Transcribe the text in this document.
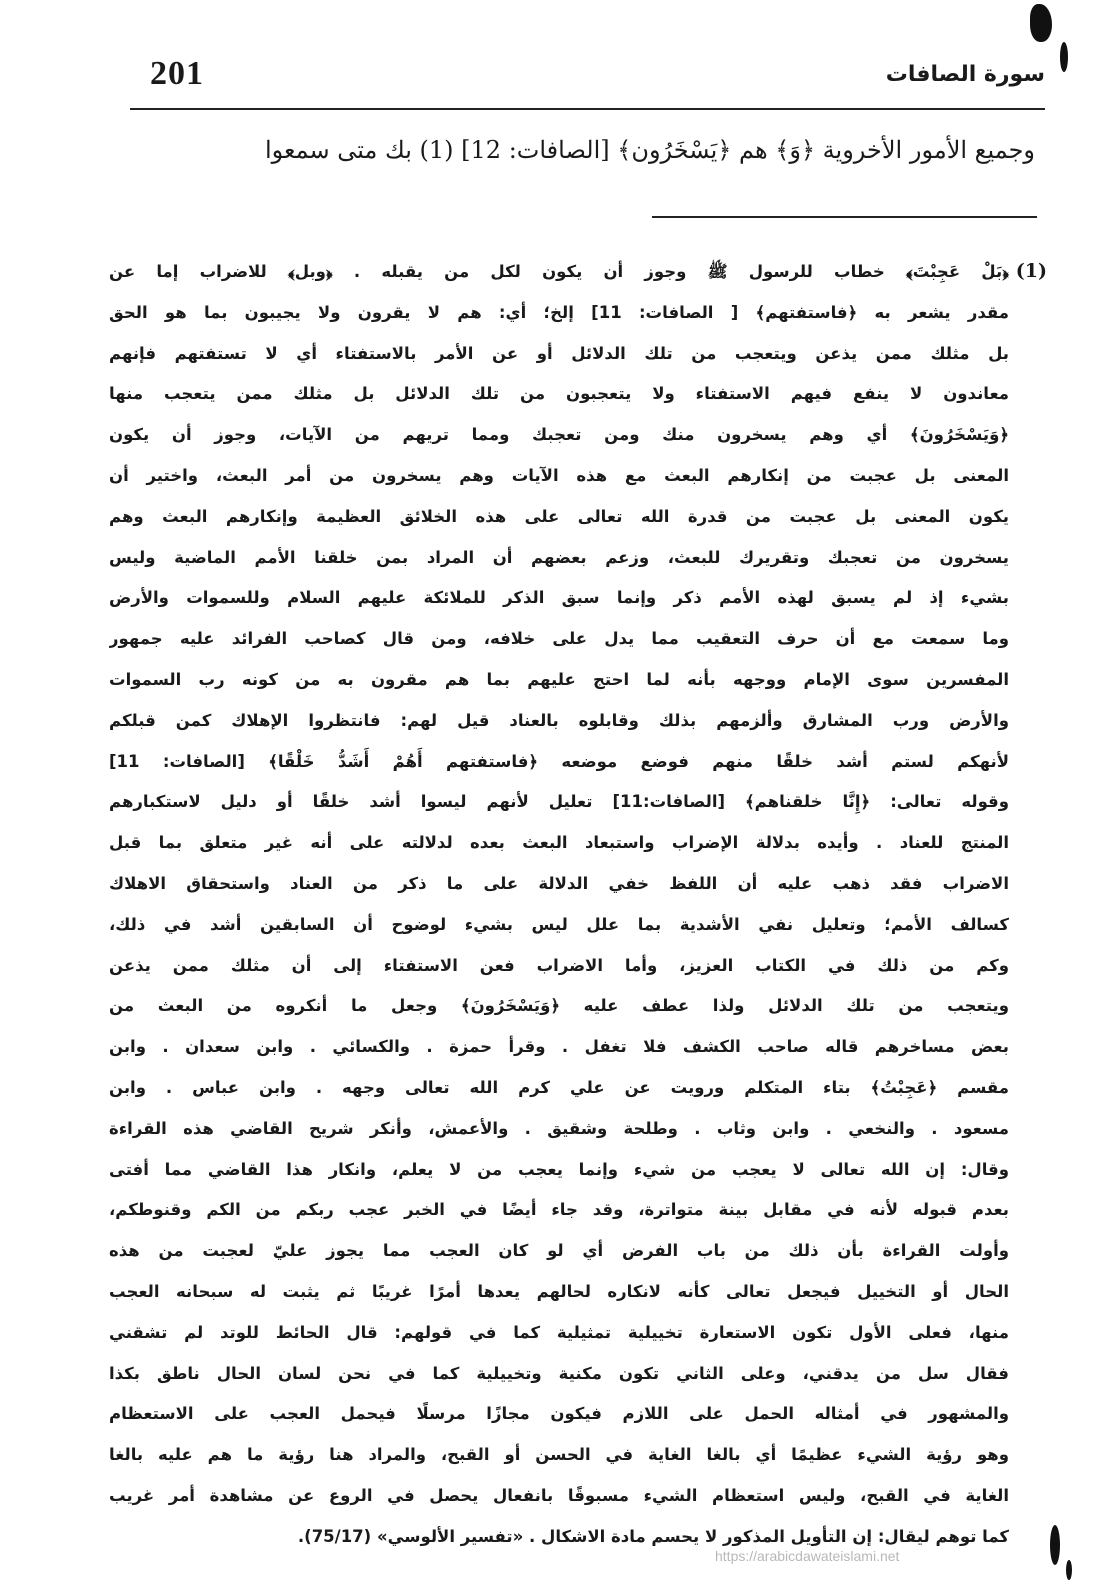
201	سورة الصافات
وجميع الأمور الأخروية ﴿وَ﴾ هم ﴿يَسْخَرُون﴾ [الصافات: 12] (1) بك متى سمعوا
(1)
﴿بَلْ عَجِبْتَ﴾ خطاب للرسول ﷺ وجوز أن يكون لكل من يقبله . ﴿وبل﴾ للاضراب إما عن
مقدر يشعر به ﴿فاستفتهم﴾ [ الصافات: 11] إلخ؛ أي: هم لا يقرون ولا يجيبون بما هو الحق
بل مثلك ممن يذعن ويتعجب من تلك الدلائل أو عن الأمر بالاستفتاء أي لا تستفتهم فإنهم
معاندون لا ينفع فيهم الاستفتاء ولا يتعجبون من تلك الدلائل بل مثلك ممن يتعجب منها
﴿وَيَسْخَرُونَ﴾ أي وهم يسخرون منك ومن تعجبك ومما تريهم من الآيات، وجوز أن يكون
المعنى بل عجبت من إنكارهم البعث مع هذه الآيات وهم يسخرون من أمر البعث، واختير أن
يكون المعنى بل عجبت من قدرة الله تعالى على هذه الخلائق العظيمة وإنكارهم البعث وهم
يسخرون من تعجبك وتقريرك للبعث، وزعم بعضهم أن المراد بمن خلقنا الأمم الماضية وليس
بشيء إذ لم يسبق لهذه الأمم ذكر وإنما سبق الذكر للملائكة عليهم السلام وللسموات والأرض
وما سمعت مع أن حرف التعقيب مما يدل على خلافه، ومن قال كصاحب الفرائد عليه جمهور
المفسرين سوى الإمام ووجهه بأنه لما احتج عليهم بما هم مقرون به من كونه رب السموات
والأرض ورب المشارق وألزمهم بذلك وقابلوه بالعناد قيل لهم: فانتظروا الإهلاك كمن قبلكم
لأنهكم لستم أشد خلقًا منهم فوضع موضعه ﴿فاستفتهم أَهُمْ أَشَدُّ خَلْقًا﴾ [الصافات: 11]
وقوله تعالى: ﴿إِنَّا خلقناهم﴾ [الصافات:11] تعليل لأنهم ليسوا أشد خلقًا أو دليل لاستكبارهم
المنتج للعناد . وأيده بدلالة الإضراب واستبعاد البعث بعده لدلالته على أنه غير متعلق بما قبل
الاضراب فقد ذهب عليه أن اللفظ خفي الدلالة على ما ذكر من العناد واستحقاق الاهلاك
كسالف الأمم؛ وتعليل نفي الأشدية بما علل ليس بشيء لوضوح أن السابقين أشد في ذلك،
وكم من ذلك في الكتاب العزيز، وأما الاضراب فعن الاستفتاء إلى أن مثلك ممن يذعن
ويتعجب من تلك الدلائل ولذا عطف عليه ﴿وَيَسْخَرُونَ﴾ وجعل ما أنكروه من البعث من
بعض مساخرهم قاله صاحب الكشف فلا تغفل . وقرأ حمزة . والكسائي . وابن سعدان . وابن
مقسم ﴿عَجِبْتُ﴾ بتاء المتكلم ورويت عن علي كرم الله تعالى وجهه . وابن عباس . وابن
مسعود . والنخعي . وابن وثاب . وطلحة وشقيق . والأعمش، وأنكر شريح القاضي هذه القراءة
وقال: إن الله تعالى لا يعجب من شيء وإنما يعجب من لا يعلم، وانكار هذا القاضي مما أفتى
بعدم قبوله لأنه في مقابل بينة متواترة، وقد جاء أيضًا في الخبر عجب ربكم من الكم وقنوطكم،
وأولت القراءة بأن ذلك من باب الفرض أي لو كان العجب مما يجوز عليّ لعجبت من هذه
الحال أو التخييل فيجعل تعالى كأنه لانكاره لحالهم يعدها أمرًا غريبًا ثم يثبت له سبحانه العجب
منها، فعلى الأول تكون الاستعارة تخييلية تمثيلية كما في قولهم: قال الحائط للوتد لم تشقني
فقال سل من يدقني، وعلى الثاني تكون مكنية وتخييلية كما في نحن لسان الحال ناطق بكذا
والمشهور في أمثاله الحمل على اللازم فيكون مجازًا مرسلًا فيحمل العجب على الاستعظام
وهو رؤية الشيء عظيمًا أي بالغا الغاية في الحسن أو القبح، والمراد هنا رؤية ما هم عليه بالغا
الغاية في القبح، وليس استعظام الشيء مسبوقًا بانفعال يحصل في الروع عن مشاهدة أمر غريب
كما توهم ليقال: إن التأويل المذكور لا يحسم مادة الاشكال . «تفسير الألوسي» (75/17).
https://arabicdawateislami.net
